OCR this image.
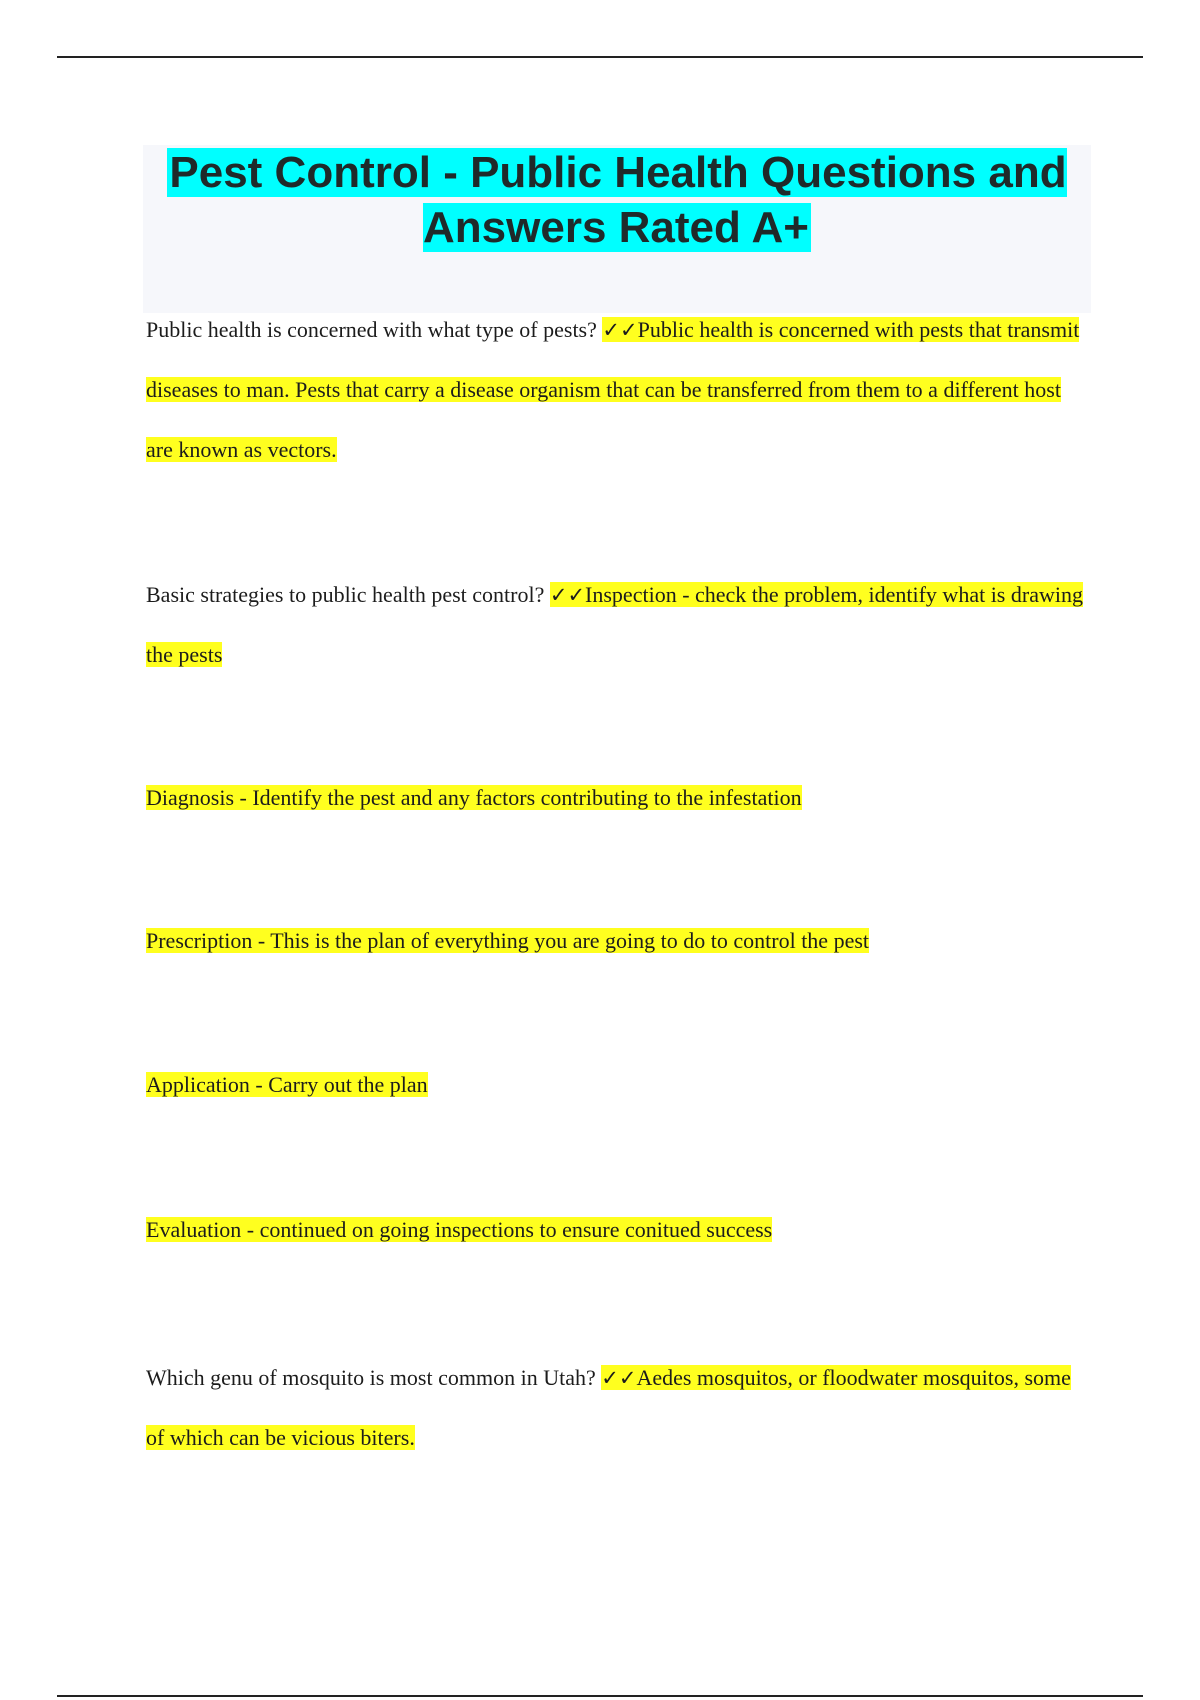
Pest Control - Public Health Questions and Answers Rated A+

Public health is concerned with what type of pests? ✓✓Public health is concerned with pests that transmit diseases to man. Pests that carry a disease organism that can be transferred from them to a different host are known as vectors.

Basic strategies to public health pest control? ✓✓Inspection - check the problem, identify what is drawing the pests

Diagnosis - Identify the pest and any factors contributing to the infestation

Prescription - This is the plan of everything you are going to do to control the pest

Application - Carry out the plan

Evaluation - continued on going inspections to ensure conitued success

Which genu of mosquito is most common in Utah? ✓✓Aedes mosquitos, or floodwater mosquitos, some of which can be vicious biters.
